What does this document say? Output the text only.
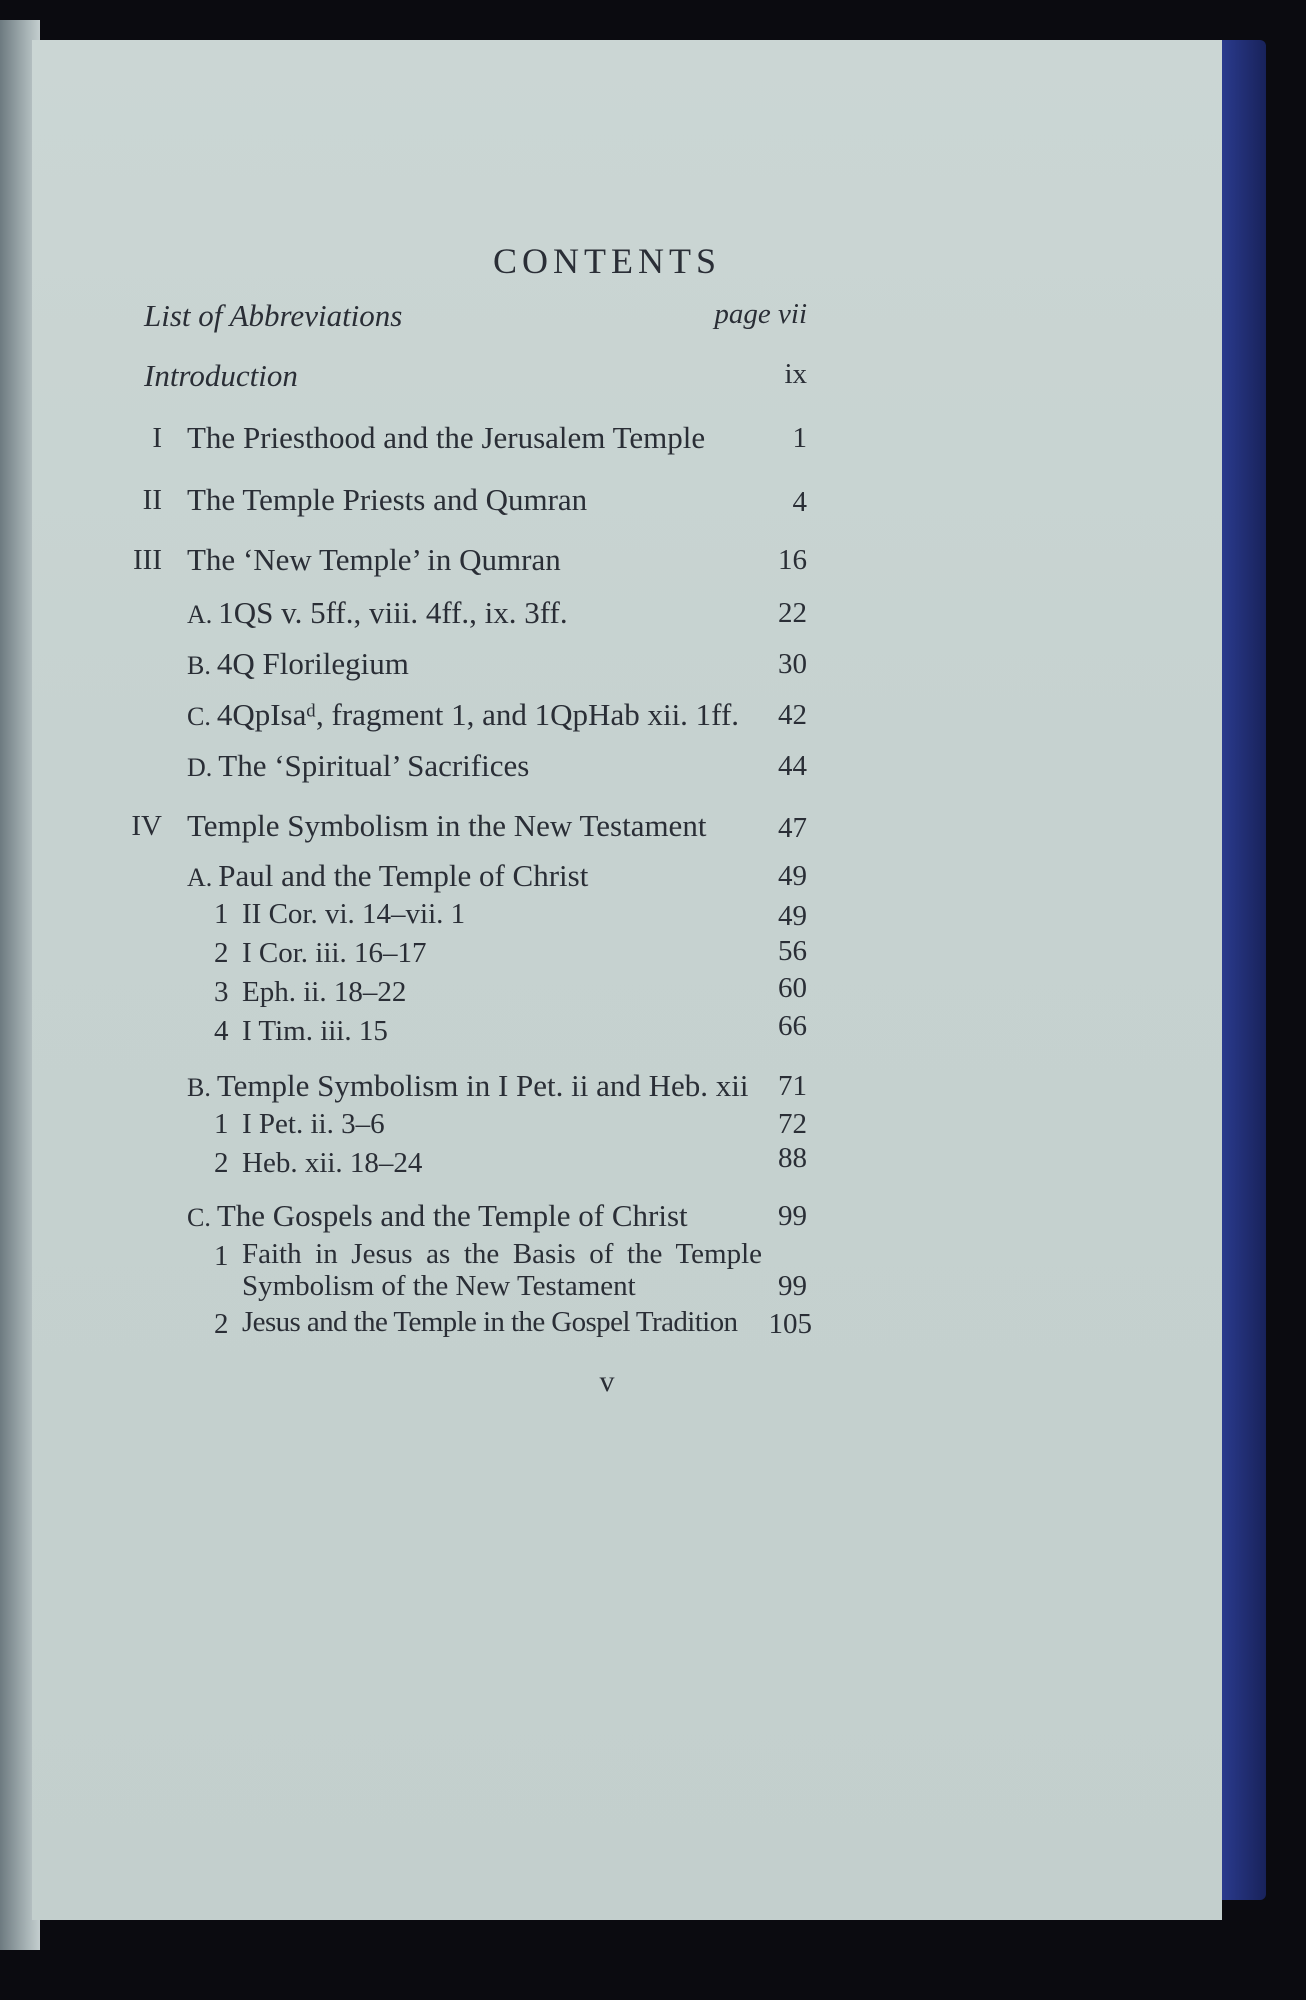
CONTENTS
List of Abbreviations	page vii
Introduction	ix
I The Priesthood and the Jerusalem Temple	1
II The Temple Priests and Qumran	4
III The ‘New Temple’ in Qumran	16
A. 1QS v. 5ff., viii. 4ff., ix. 3ff.	22
B. 4Q Florilegium	30
C. 4QpIsaᵈ, fragment 1, and 1QpHab xii. 1ff.	42
D. The ‘Spiritual’ Sacrifices	44
IV Temple Symbolism in the New Testament	47
A. Paul and the Temple of Christ	49
1 II Cor. vi. 14–vii. 1	49
2 I Cor. iii. 16–17	56
3 Eph. ii. 18–22	60
4 I Tim. iii. 15	66
B. Temple Symbolism in I Pet. ii and Heb. xii	71
1 I Pet. ii. 3–6	72
2 Heb. xii. 18–24	88
C. The Gospels and the Temple of Christ	99
1 Faith in Jesus as the Basis of the Temple
Symbolism of the New Testament	99
2 Jesus and the Temple in the Gospel Tradition	105
v
